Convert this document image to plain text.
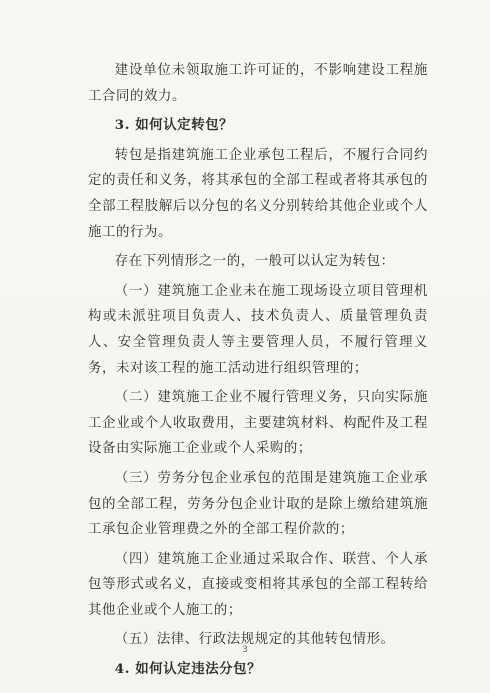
建设单位未领取施工许可证的，不影响建设工程施工合同的效力。

3. 如何认定转包？

转包是指建筑施工企业承包工程后，不履行合同约定的责任和义务，将其承包的全部工程或者将其承包的全部工程肢解后以分包的名义分别转给其他企业或个人施工的行为。

存在下列情形之一的，一般可以认定为转包：

（一）建筑施工企业未在施工现场设立项目管理机构或未派驻项目负责人、技术负责人、质量管理负责人、安全管理负责人等主要管理人员，不履行管理义务，未对该工程的施工活动进行组织管理的；

（二）建筑施工企业不履行管理义务，只向实际施工企业或个人收取费用，主要建筑材料、构配件及工程设备由实际施工企业或个人采购的；

（三）劳务分包企业承包的范围是建筑施工企业承包的全部工程，劳务分包企业计取的是除上缴给建筑施工承包企业管理费之外的全部工程价款的；

（四）建筑施工企业通过采取合作、联营、个人承包等形式或名义，直接或变相将其承包的全部工程转给其他企业或个人施工的；

（五）法律、行政法规规定的其他转包情形。

4. 如何认定违法分包？

3
